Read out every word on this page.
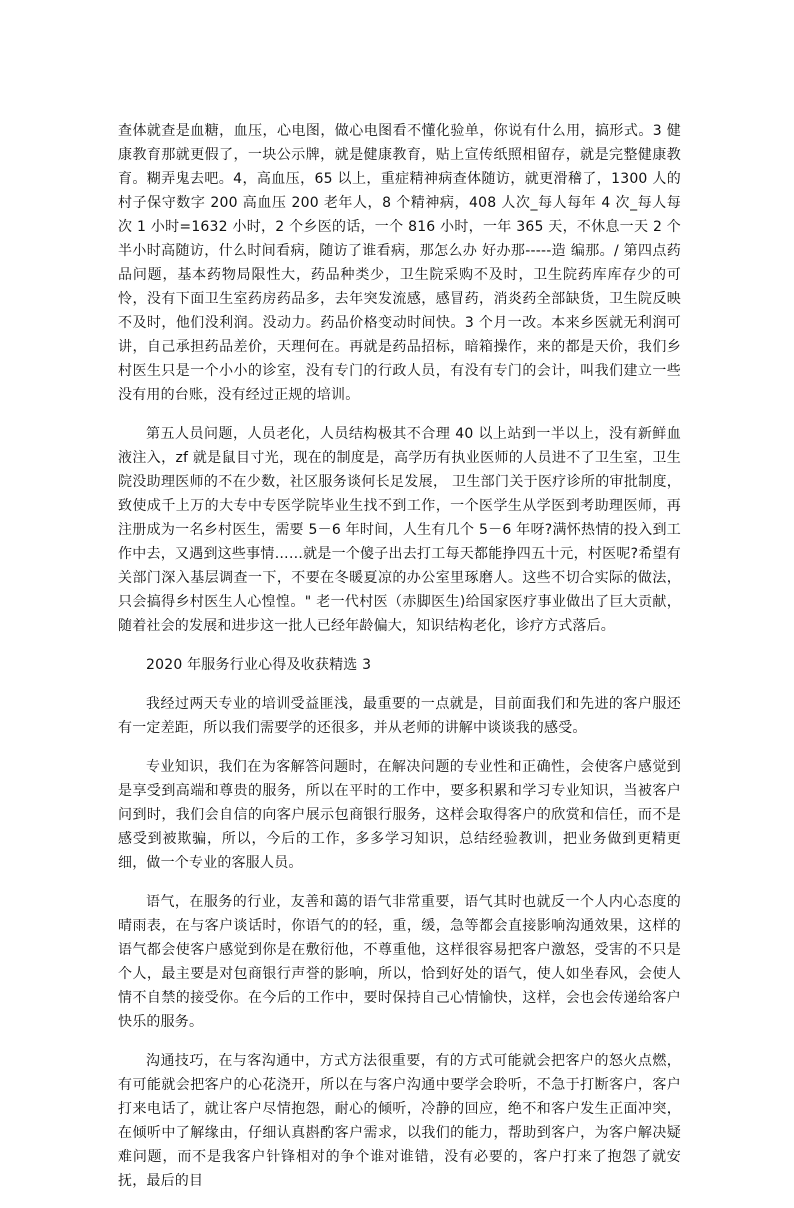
查体就查是血糖，血压，心电图，做心电图看不懂化验单，你说有什么用，搞形式。3 健康教育那就更假了，一块公示牌，就是健康教育，贴上宣传纸照相留存，就是完整健康教育。糊弄鬼去吧。4，高血压，65 以上，重症精神病查体随访，就更滑稽了，1300 人的村子保守数字 200 高血压 200 老年人，8 个精神病，408 人次_每人每年 4 次_每人每次 1 小时=1632 小时，2 个乡医的话，一个 816 小时，一年 365 天，不休息一天 2 个半小时高随访，什么时间看病，随访了谁看病，那怎么办 好办那-----造 编那。/ 第四点药品问题，基本药物局限性大，药品种类少，卫生院采购不及时，卫生院药库库存少的可怜，没有下面卫生室药房药品多，去年突发流感，感冒药，消炎药全部缺货，卫生院反映不及时，他们没利润。没动力。药品价格变动时间快。3 个月一改。本来乡医就无利润可讲，自己承担药品差价，天理何在。再就是药品招标，暗箱操作，来的都是天价，我们乡村医生只是一个小小的诊室，没有专门的行政人员，有没有专门的会计，叫我们建立一些没有用的台账，没有经过正规的培训。

第五人员问题，人员老化，人员结构极其不合理 40 以上站到一半以上，没有新鲜血液注入，zf 就是鼠目寸光，现在的制度是，高学历有执业医师的人员进不了卫生室，卫生院没助理医师的不在少数，社区服务谈何长足发展， 卫生部门关于医疗诊所的审批制度，致使成千上万的大专中专医学院毕业生找不到工作，一个医学生从学医到考助理医师，再注册成为一名乡村医生，需要 5－6 年时间，人生有几个 5－6 年呀?满怀热情的投入到工作中去，又遇到这些事情……就是一个傻子出去打工每天都能挣四五十元，村医呢?希望有关部门深入基层调查一下，不要在冬暖夏凉的办公室里琢磨人。这些不切合实际的做法，只会搞得乡村医生人心惶惶。" 老一代村医（赤脚医生)给国家医疗事业做出了巨大贡献，随着社会的发展和进步这一批人已经年龄偏大，知识结构老化，诊疗方式落后。

2020 年服务行业心得及收获精选 3

我经过两天专业的培训受益匪浅，最重要的一点就是，目前面我们和先进的客户服还有一定差距，所以我们需要学的还很多，并从老师的讲解中谈谈我的感受。

专业知识，我们在为客解答问题时，在解决问题的专业性和正确性，会使客户感觉到是享受到高端和尊贵的服务，所以在平时的工作中，要多积累和学习专业知识，当被客户问到时，我们会自信的向客户展示包商银行服务，这样会取得客户的欣赏和信任，而不是感受到被欺骗，所以，今后的工作，多多学习知识，总结经验教训，把业务做到更精更细，做一个专业的客服人员。

语气，在服务的行业，友善和蔼的语气非常重要，语气其时也就反一个人内心态度的晴雨表，在与客户谈话时，你语气的的轻，重，缓，急等都会直接影响沟通效果，这样的语气都会使客户感觉到你是在敷衍他，不尊重他，这样很容易把客户激怒，受害的不只是个人，最主要是对包商银行声誉的影响，所以，恰到好处的语气，使人如坐春风，会使人情不自禁的接受你。在今后的工作中，要时保持自己心情愉快，这样，会也会传递给客户快乐的服务。

沟通技巧，在与客沟通中，方式方法很重要，有的方式可能就会把客户的怒火点燃，有可能就会把客户的心花浇开，所以在与客户沟通中要学会聆听，不急于打断客户，客户打来电话了，就让客户尽情抱怨，耐心的倾听，冷静的回应，绝不和客户发生正面冲突，在倾听中了解缘由，仔细认真斟酌客户需求，以我们的能力，帮助到客户，为客户解决疑难问题，而不是我客户针锋相对的争个谁对谁错，没有必要的，客户打来了抱怨了就安抚，最后的目
